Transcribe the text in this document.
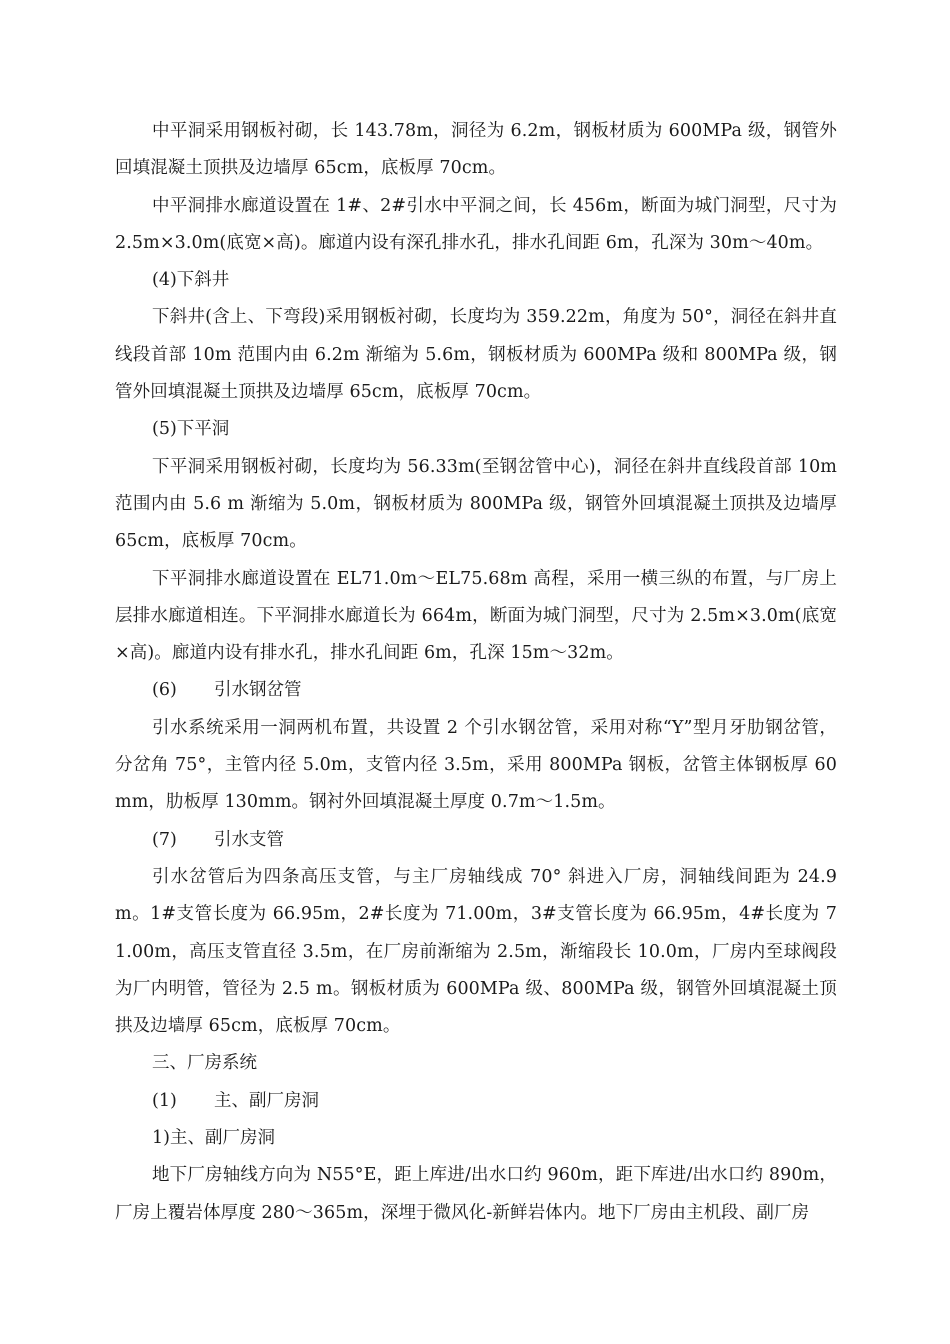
中平洞采用钢板衬砌，长 143.78m，洞径为 6.2m，钢板材质为 600MPa 级，钢管外回填混凝土顶拱及边墙厚 65cm，底板厚 70cm。

中平洞排水廊道设置在 1#、2#引水中平洞之间，长 456m，断面为城门洞型，尺寸为 2.5m×3.0m(底宽×高)。廊道内设有深孔排水孔，排水孔间距 6m，孔深为 30m～40m。

(4)下斜井

下斜井(含上、下弯段)采用钢板衬砌，长度均为 359.22m，角度为 50°，洞径在斜井直线段首部 10m 范围内由 6.2m 渐缩为 5.6m，钢板材质为 600MPa 级和 800MPa 级，钢管外回填混凝土顶拱及边墙厚 65cm，底板厚 70cm。

(5)下平洞

下平洞采用钢板衬砌，长度均为 56.33m(至钢岔管中心)，洞径在斜井直线段首部 10m 范围内由 5.6 m 渐缩为 5.0m，钢板材质为 800MPa 级，钢管外回填混凝土顶拱及边墙厚 65cm，底板厚 70cm。

下平洞排水廊道设置在 EL71.0m～EL75.68m 高程，采用一横三纵的布置，与厂房上层排水廊道相连。下平洞排水廊道长为 664m，断面为城门洞型，尺寸为 2.5m×3.0m(底宽×高)。廊道内设有排水孔，排水孔间距 6m，孔深 15m～32m。

(6) 引水钢岔管

引水系统采用一洞两机布置，共设置 2 个引水钢岔管，采用对称“Y”型月牙肋钢岔管，分岔角 75°，主管内径 5.0m，支管内径 3.5m，采用 800MPa 钢板，岔管主体钢板厚 60mm，肋板厚 130mm。钢衬外回填混凝土厚度 0.7m～1.5m。

(7) 引水支管

引水岔管后为四条高压支管，与主厂房轴线成 70° 斜进入厂房，洞轴线间距为 24.9m。1#支管长度为 66.95m，2#长度为 71.00m，3#支管长度为 66.95m，4#长度为 71.00m，高压支管直径 3.5m，在厂房前渐缩为 2.5m，渐缩段长 10.0m，厂房内至球阀段为厂内明管，管径为 2.5 m。钢板材质为 600MPa 级、800MPa 级，钢管外回填混凝土顶拱及边墙厚 65cm，底板厚 70cm。

三、厂房系统
(1) 主、副厂房洞
1)主、副厂房洞

地下厂房轴线方向为 N55°E，距上库进/出水口约 960m，距下库进/出水口约 890m，厂房上覆岩体厚度 280～365m，深埋于微风化-新鲜岩体内。地下厂房由主机段、副厂房
